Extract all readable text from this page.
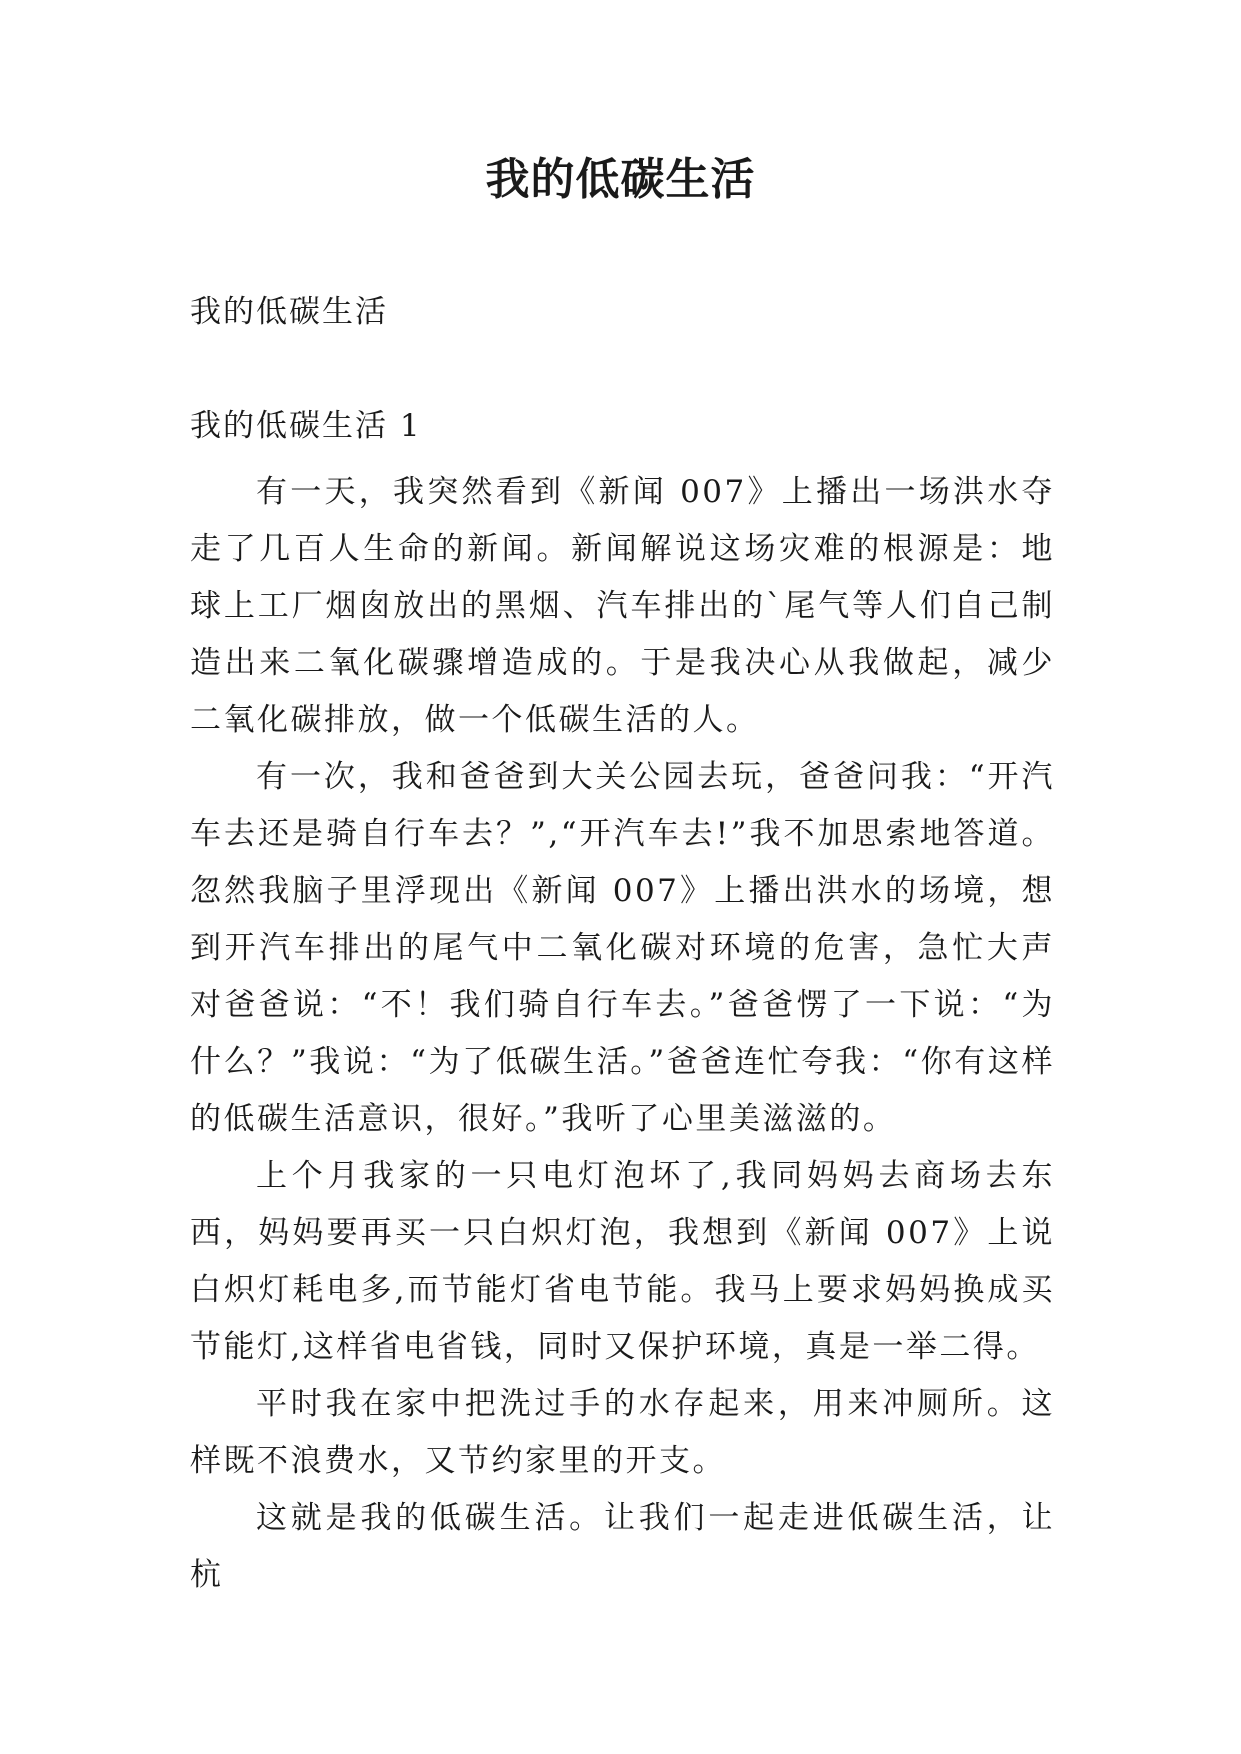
我的低碳生活
我的低碳生活
我的低碳生活 1

有一天，我突然看到《新闻 007》上播出一场洪水夺走了几百人生命的新闻。新闻解说这场灾难的根源是：地球上工厂烟囱放出的黑烟、汽车排出的`尾气等人们自己制造出来二氧化碳骤增造成的。于是我决心从我做起，减少二氧化碳排放，做一个低碳生活的人。

有一次，我和爸爸到大关公园去玩，爸爸问我：“开汽车去还是骑自行车去？”,“开汽车去!”我不加思索地答道。忽然我脑子里浮现出《新闻 007》上播出洪水的场境，想到开汽车排出的尾气中二氧化碳对环境的危害，急忙大声对爸爸说：“不！我们骑自行车去。”爸爸愣了一下说：“为什么？”我说：“为了低碳生活。”爸爸连忙夸我：“你有这样的低碳生活意识，很好。”我听了心里美滋滋的。

上个月我家的一只电灯泡坏了,我同妈妈去商场去东西，妈妈要再买一只白炽灯泡，我想到《新闻 007》上说白炽灯耗电多,而节能灯省电节能。我马上要求妈妈换成买节能灯,这样省电省钱，同时又保护环境，真是一举二得。

平时我在家中把洗过手的水存起来，用来冲厕所。这样既不浪费水，又节约家里的开支。

这就是我的低碳生活。让我们一起走进低碳生活，让杭
